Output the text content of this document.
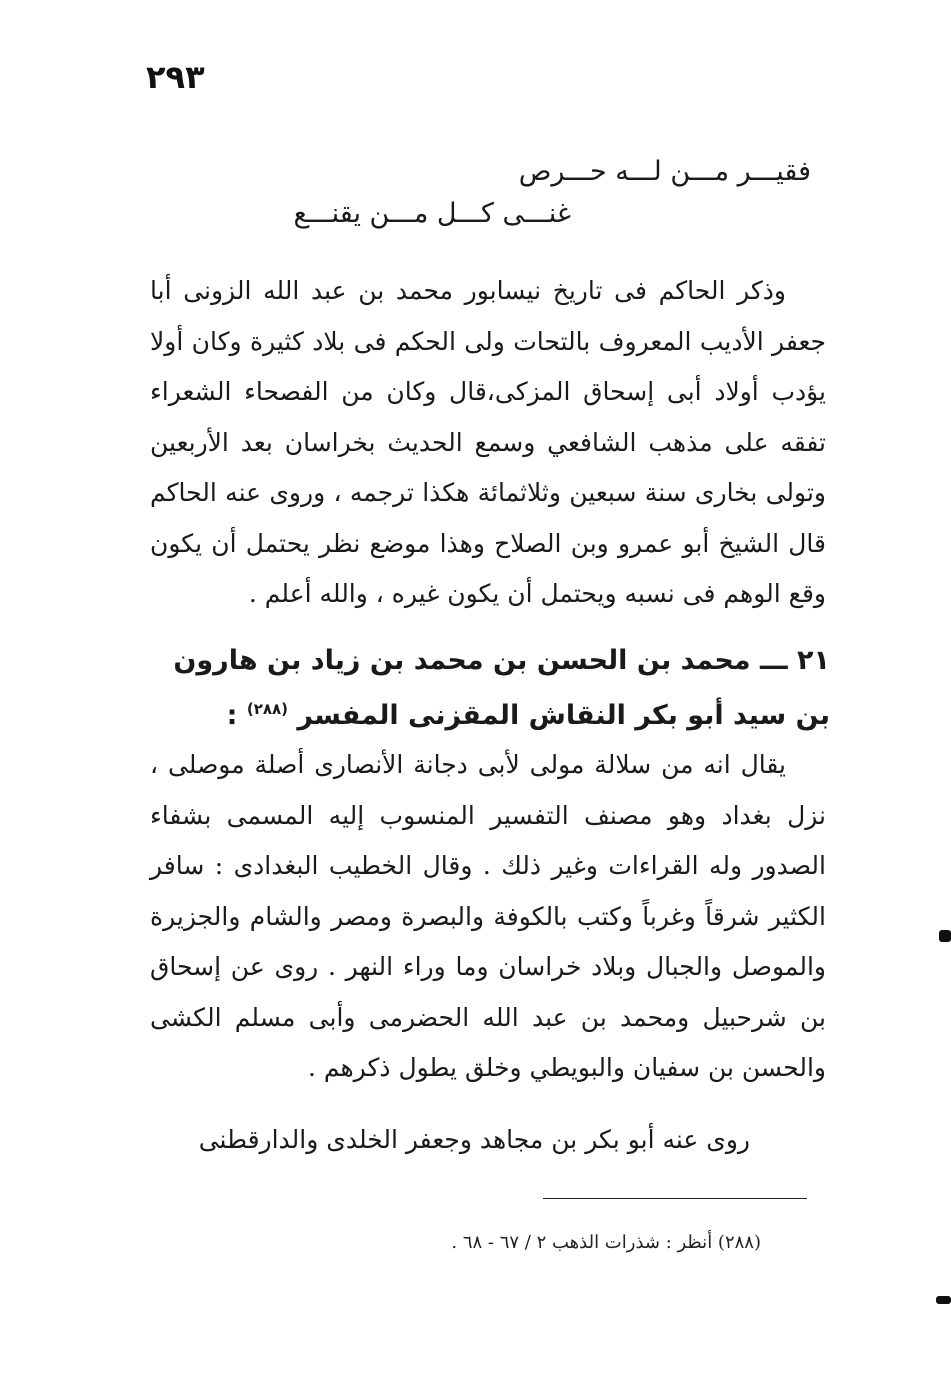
٢٩٣
فقيـــر مـــن لـــه حـــرص
غنـــى كـــل مـــن يقنـــع

وذكر الحاكم فى تاريخ نيسابور محمد بن عبد الله الزونى أبا جعفر الأديب المعروف بالتحات ولى الحكم فى بلاد كثيرة وكان أولا يؤدب أولاد أبى إسحاق المزكى،قال وكان من الفصحاء الشعراء تفقه على مذهب الشافعي وسمع الحديث بخراسان بعد الأربعين وتولى بخارى سنة سبعين وثلاثمائة هكذا ترجمه ، وروى عنه الحاكم قال الشيخ أبو عمرو وبن الصلاح وهذا موضع نظر يحتمل أن يكون وقع الوهم فى نسبه ويحتمل أن يكون غيره ، والله أعلم .

٢١ ـــ محمد بن الحسن بن محمد بن زياد بن هارون بن سيد أبو بكر النقاش المقزنى المفسر $^{(٢٨٨)}$ :

يقال انه من سلالة مولى لأبى دجانة الأنصارى أصلة موصلى ، نزل بغداد وهو مصنف التفسير المنسوب إليه المسمى بشفاء الصدور وله القراءات وغير ذلك . وقال الخطيب البغدادى : سافر الكثير شرقاً وغرباً وكتب بالكوفة والبصرة ومصر والشام والجزيرة والموصل والجبال وبلاد خراسان وما وراء النهر . روى عن إسحاق بن شرحبيل ومحمد بن عبد الله الحضرمى وأبى مسلم الكشى والحسن بن سفيان والبويطي وخلق يطول ذكرهم .

روى عنه أبو بكر بن مجاهد وجعفر الخلدى والدارقطنى

(٢٨٨) أنظر : شذرات الذهب ٢ / ٦٧ - ٦٨ .
